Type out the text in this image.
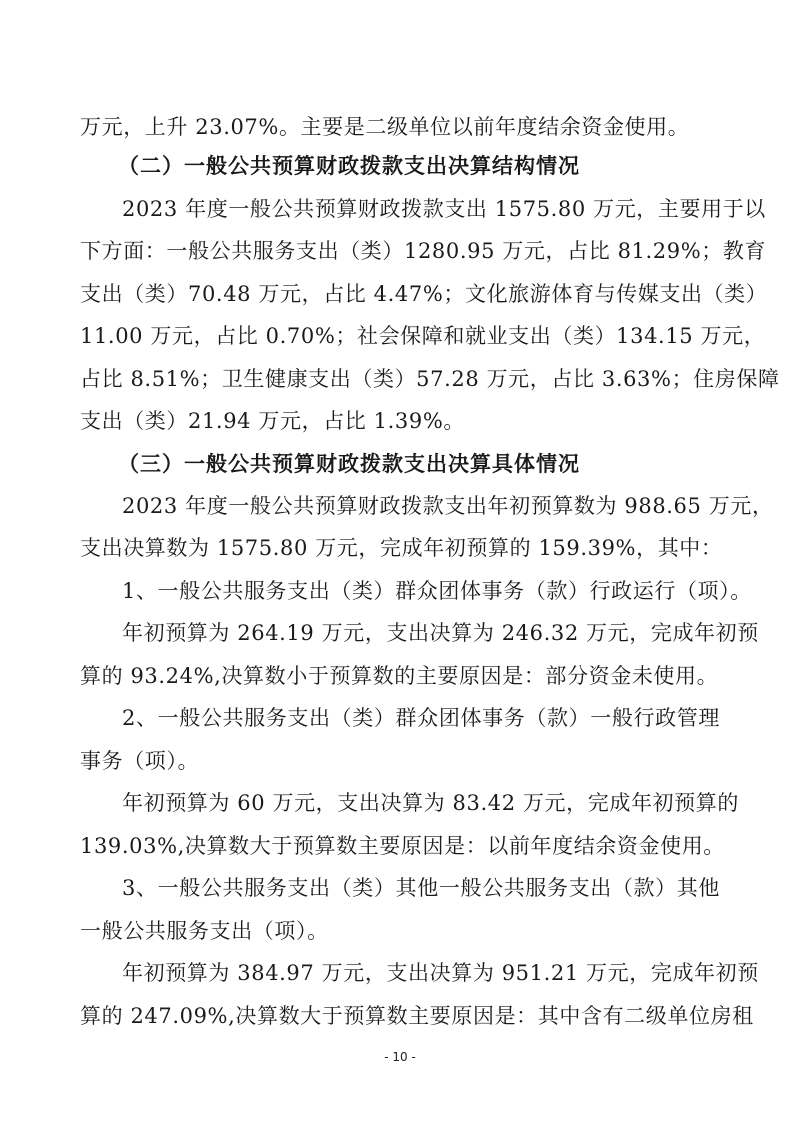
万元，上升 23.07%。主要是二级单位以前年度结余资金使用。
（二）一般公共预算财政拨款支出决算结构情况
2023 年度一般公共预算财政拨款支出 1575.80 万元，主要用于以
下方面：一般公共服务支出（类）1280.95 万元，占比 81.29%；教育
支出（类）70.48 万元，占比 4.47%；文化旅游体育与传媒支出（类）
11.00 万元，占比 0.70%；社会保障和就业支出（类）134.15 万元，
占比 8.51%；卫生健康支出（类）57.28 万元，占比 3.63%；住房保障
支出（类）21.94 万元，占比 1.39%。
（三）一般公共预算财政拨款支出决算具体情况
2023 年度一般公共预算财政拨款支出年初预算数为 988.65 万元，
支出决算数为 1575.80 万元，完成年初预算的 159.39%，其中：
1、一般公共服务支出（类）群众团体事务（款）行政运行（项）。
年初预算为 264.19 万元，支出决算为 246.32 万元，完成年初预
算的 93.24%,决算数小于预算数的主要原因是：部分资金未使用。
2、一般公共服务支出（类）群众团体事务（款）一般行政管理
事务（项）。
年初预算为 60 万元，支出决算为 83.42 万元，完成年初预算的
139.03%,决算数大于预算数主要原因是：以前年度结余资金使用。
3、一般公共服务支出（类）其他一般公共服务支出（款）其他
一般公共服务支出（项）。
年初预算为 384.97 万元，支出决算为 951.21 万元，完成年初预
算的 247.09%,决算数大于预算数主要原因是：其中含有二级单位房租
- 10 -
